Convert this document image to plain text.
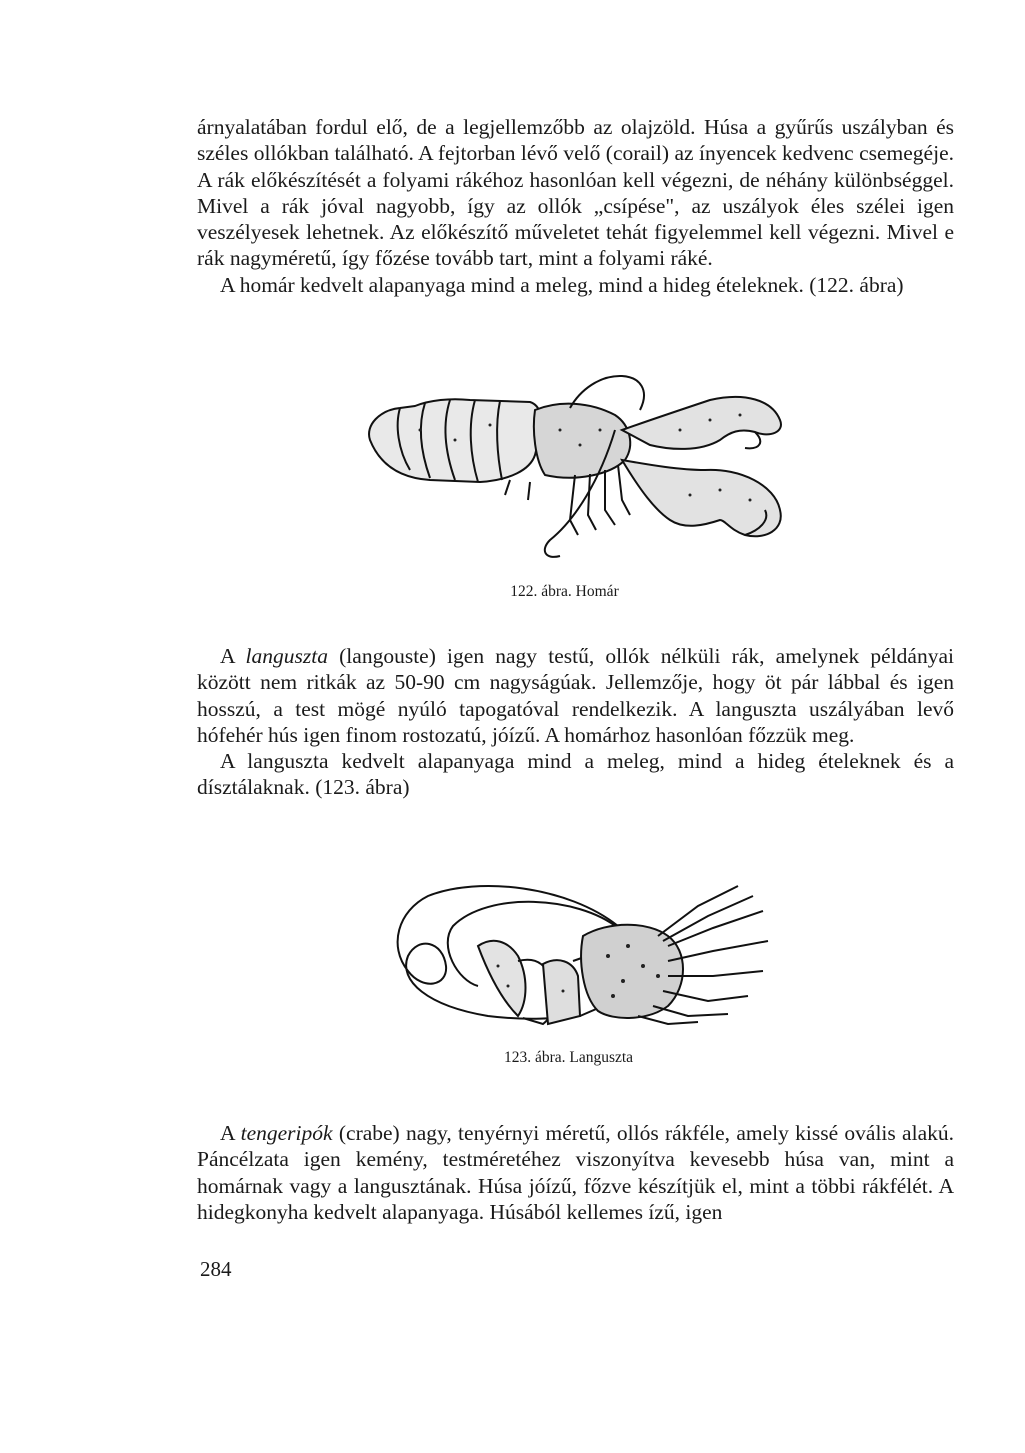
árnyalatában fordul elő, de a legjellemzőbb az olajzöld. Húsa a gyűrűs uszályban és széles ollókban található. A fejtorban lévő velő (corail) az ínyencek kedvenc csemegéje. A rák előkészítését a folyami rákéhoz hasonlóan kell végezni, de néhány különbséggel. Mivel a rák jóval nagyobb, így az ollók „csípése", az uszályok éles szélei igen veszélyesek lehetnek. Az előkészítő műveletet tehát figyelemmel kell végezni. Mivel e rák nagyméretű, így főzése tovább tart, mint a folyami ráké.

A homár kedvelt alapanyaga mind a meleg, mind a hideg ételeknek. (122. ábra)

122. ábra. Homár

A languszta (langouste) igen nagy testű, ollók nélküli rák, amelynek példányai között nem ritkák az 50-90 cm nagyságúak. Jellemzője, hogy öt pár lábbal és igen hosszú, a test mögé nyúló tapogatóval rendelkezik. A languszta uszályában levő hófehér hús igen finom rostozatú, jóízű. A homárhoz hasonlóan főzzük meg.

A languszta kedvelt alapanyaga mind a meleg, mind a hideg ételeknek és a dísztálaknak. (123. ábra)

123. ábra. Languszta

A tengeripók (crabe) nagy, tenyérnyi méretű, ollós rákféle, amely kissé ovális alakú. Páncélzata igen kemény, testméretéhez viszonyítva kevesebb húsa van, mint a homárnak vagy a langusztának. Húsa jóízű, főzve készítjük el, mint a többi rákfélét. A hidegkonyha kedvelt alapanyaga. Húsából kellemes ízű, igen

284
